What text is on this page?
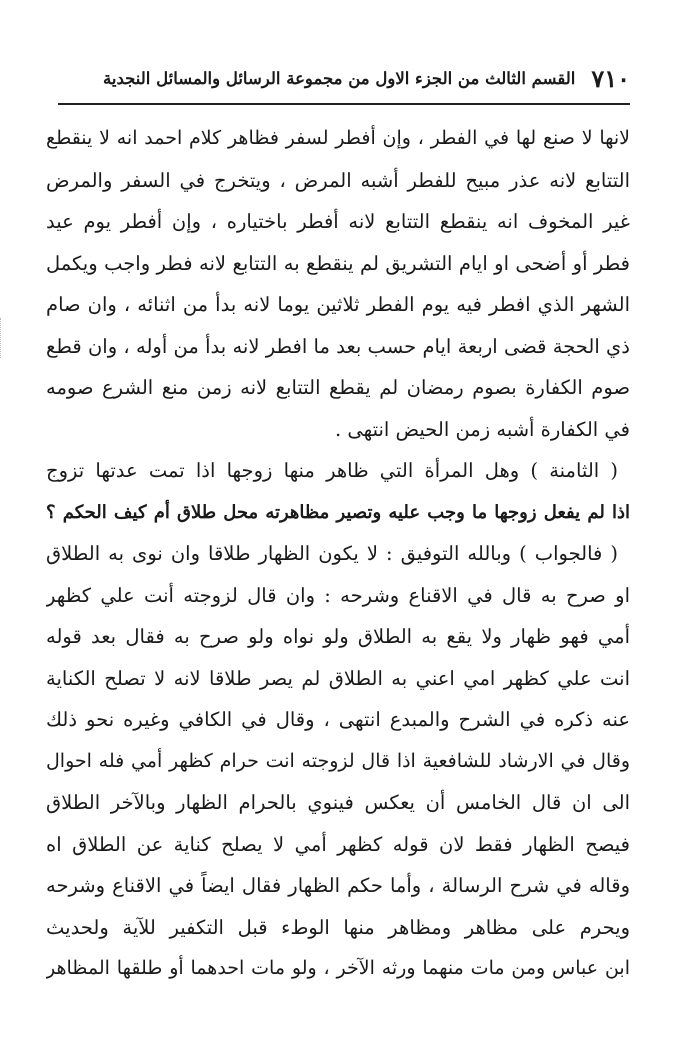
٧١٠
القسم الثالث من الجزء الاول من مجموعة الرسائل والمسائل النجدية
لانها لا صنع لها في الفطر ، وإن أفطر لسفر فظاهر كلام احمد انه لا ينقطع
التتابع لانه عذر مبيح للفطر أشبه المرض ، ويتخرج في السفر والمرض
غير المخوف انه ينقطع التتابع لانه أفطر باختياره ، وإن أفطر يوم عيد
فطر أو أضحى او ايام التشريق لم ينقطع به التتابع لانه فطر واجب ويكمل
الشهر الذي افطر فيه يوم الفطر ثلاثين يوما لانه بدأ من اثنائه ، وان صام
ذي الحجة قضى اربعة ايام حسب بعد ما افطر لانه بدأ من أوله ، وان قطع
صوم الكفارة بصوم رمضان لم يقطع التتابع لانه زمن منع الشرع صومه
في الكفارة أشبه زمن الحيض انتهى .
( الثامنة ) وهل المرأة التي ظاهر منها زوجها اذا تمت عدتها تزوج
اذا لم يفعل زوجها ما وجب عليه وتصير مظاهرته محل طلاق أم كيف الحكم ؟
( فالجواب ) وبالله التوفيق : لا يكون الظهار طلاقا وان نوى به الطلاق
او صرح به قال في الاقناع وشرحه : وان قال لزوجته أنت علي كظهر
أمي فهو ظهار ولا يقع به الطلاق ولو نواه ولو صرح به فقال بعد قوله
انت علي كظهر امي اعني به الطلاق لم يصر طلاقا لانه لا تصلح الكناية
عنه ذكره في الشرح والمبدع انتهى ، وقال في الكافي وغيره نحو ذلك
وقال في الارشاد للشافعية اذا قال لزوجته انت حرام كظهر أمي فله احوال
الى ان قال الخامس أن يعكس فينوي بالحرام الظهار وبالآخر الطلاق
فيصح الظهار فقط لان قوله كظهر أمي لا يصلح كناية عن الطلاق اه
وقاله في شرح الرسالة ، وأما حكم الظهار فقال ايضاً في الاقناع وشرحه
ويحرم على مظاهر ومظاهر منها الوطء قبل التكفير للآية ولحديث
ابن عباس ومن مات منهما ورثه الآخر ، ولو مات احدهما أو طلقها المظاهر
